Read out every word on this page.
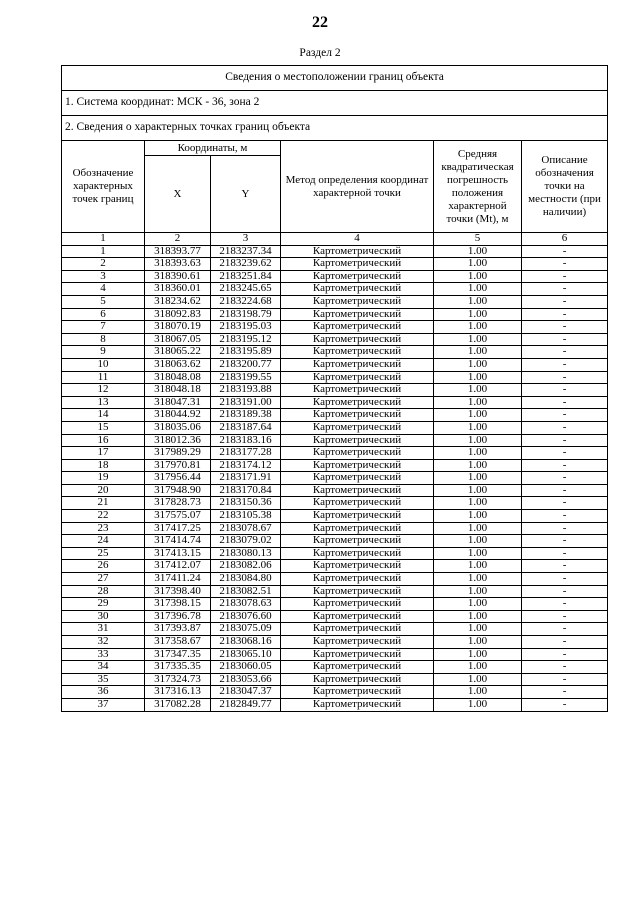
22
Раздел 2
Сведения о местоположении границ объекта					
1. Система координат: МСК - 36, зона 2					
2. Сведения о характерных точках границ объекта					
Обозначение характерных точек границ	Координаты, м		Метод определения координат характерной точки	Средняя квадратическая погрешность положения характерной точки (Mt), м	Описание обозначения точки на местности (при наличии)
	X	Y			
1	2	3	4	5	6
1	318393.77	2183237.34	Картометрический	1.00	-
2	318393.63	2183239.62	Картометрический	1.00	-
3	318390.61	2183251.84	Картометрический	1.00	-
4	318360.01	2183245.65	Картометрический	1.00	-
5	318234.62	2183224.68	Картометрический	1.00	-
6	318092.83	2183198.79	Картометрический	1.00	-
7	318070.19	2183195.03	Картометрический	1.00	-
8	318067.05	2183195.12	Картометрический	1.00	-
9	318065.22	2183195.89	Картометрический	1.00	-
10	318063.62	2183200.77	Картометрический	1.00	-
11	318048.08	2183199.55	Картометрический	1.00	-
12	318048.18	2183193.88	Картометрический	1.00	-
13	318047.31	2183191.00	Картометрический	1.00	-
14	318044.92	2183189.38	Картометрический	1.00	-
15	318035.06	2183187.64	Картометрический	1.00	-
16	318012.36	2183183.16	Картометрический	1.00	-
17	317989.29	2183177.28	Картометрический	1.00	-
18	317970.81	2183174.12	Картометрический	1.00	-
19	317956.44	2183171.91	Картометрический	1.00	-
20	317948.90	2183170.84	Картометрический	1.00	-
21	317828.73	2183150.36	Картометрический	1.00	-
22	317575.07	2183105.38	Картометрический	1.00	-
23	317417.25	2183078.67	Картометрический	1.00	-
24	317414.74	2183079.02	Картометрический	1.00	-
25	317413.15	2183080.13	Картометрический	1.00	-
26	317412.07	2183082.06	Картометрический	1.00	-
27	317411.24	2183084.80	Картометрический	1.00	-
28	317398.40	2183082.51	Картометрический	1.00	-
29	317398.15	2183078.63	Картометрический	1.00	-
30	317396.78	2183076.60	Картометрический	1.00	-
31	317393.87	2183075.09	Картометрический	1.00	-
32	317358.67	2183068.16	Картометрический	1.00	-
33	317347.35	2183065.10	Картометрический	1.00	-
34	317335.35	2183060.05	Картометрический	1.00	-
35	317324.73	2183053.66	Картометрический	1.00	-
36	317316.13	2183047.37	Картометрический	1.00	-
37	317082.28	2182849.77	Картометрический	1.00	-
